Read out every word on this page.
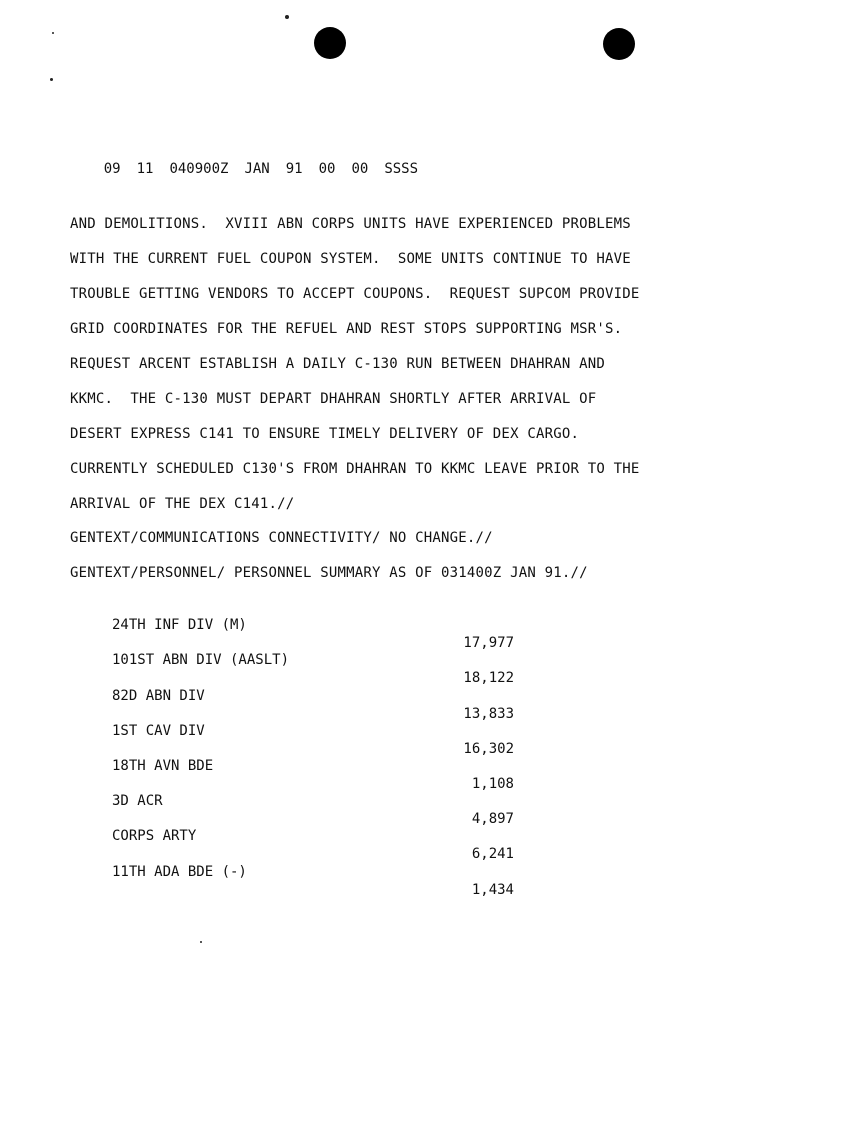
09 11 040900Z JAN 91 00 00 SSSS

AND DEMOLITIONS.  XVIII ABN CORPS UNITS HAVE EXPERIENCED PROBLEMS
WITH THE CURRENT FUEL COUPON SYSTEM.  SOME UNITS CONTINUE TO HAVE
TROUBLE GETTING VENDORS TO ACCEPT COUPONS.  REQUEST SUPCOM PROVIDE
GRID COORDINATES FOR THE REFUEL AND REST STOPS SUPPORTING MSR'S.
REQUEST ARCENT ESTABLISH A DAILY C-130 RUN BETWEEN DHAHRAN AND
KKMC.  THE C-130 MUST DEPART DHAHRAN SHORTLY AFTER ARRIVAL OF
DESERT EXPRESS C141 TO ENSURE TIMELY DELIVERY OF DEX CARGO.
CURRENTLY SCHEDULED C130'S FROM DHAHRAN TO KKMC LEAVE PRIOR TO THE
ARRIVAL OF THE DEX C141.//
GENTEXT/COMMUNICATIONS CONNECTIVITY/ NO CHANGE.//
GENTEXT/PERSONNEL/ PERSONNEL SUMMARY AS OF 031400Z JAN 91.//

24TH INF DIV (M)

17,977

101ST ABN DIV (AASLT)

18,122

82D ABN DIV

13,833

1ST CAV DIV

16,302

18TH AVN BDE

1,108

3D ACR

4,897

CORPS ARTY

6,241

11TH ADA BDE (-)

1,434
